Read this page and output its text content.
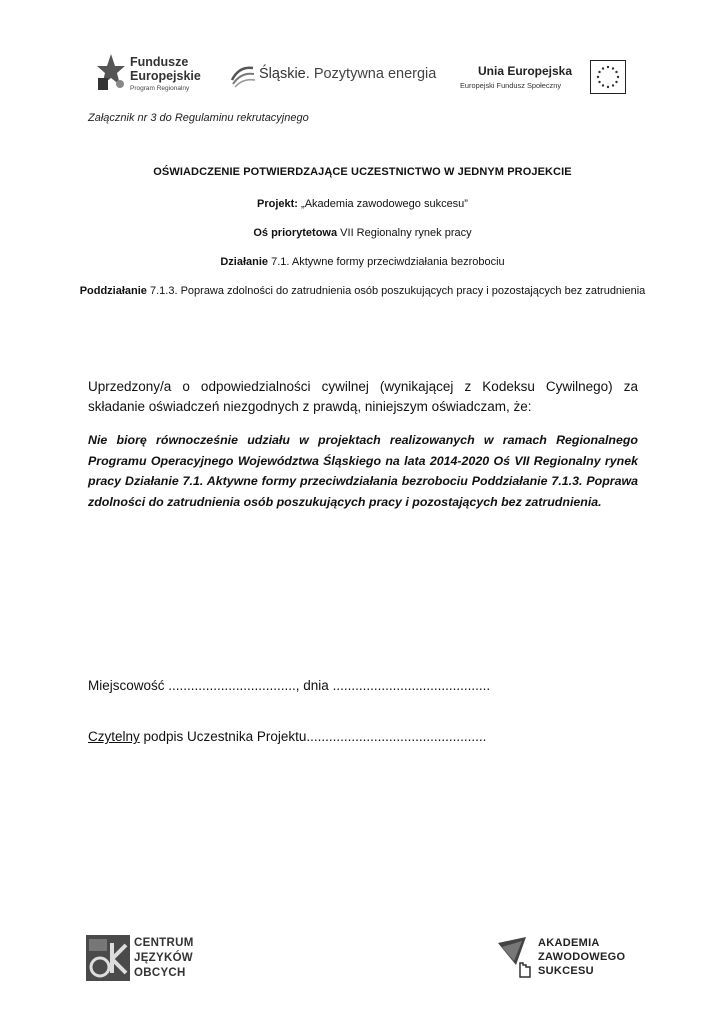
Fundusze
Europejskie
Program Regionalny
Śląskie. Pozytywna energia	Unia Europejska
Europejski Fundusz Społeczny
Załącznik nr 3 do Regulaminu rekrutacyjnego
OŚWIADCZENIE POTWIERDZAJĄCE UCZESTNICTWO W JEDNYM PROJEKCIE
Projekt: „Akademia zawodowego sukcesu”
Oś priorytetowa VII Regionalny rynek pracy
Działanie 7.1. Aktywne formy przeciwdziałania bezrobociu
Poddziałanie 7.1.3. Poprawa zdolności do zatrudnienia osób poszukujących pracy i pozostających bez zatrudnienia
Uprzedzony/a o odpowiedzialności cywilnej (wynikającej z Kodeksu Cywilnego) za składanie oświadczeń niezgodnych z prawdą, niniejszym oświadczam, że:
Nie biorę równocześnie udziału w projektach realizowanych w ramach Regionalnego Programu Operacyjnego Województwa Śląskiego na lata 2014-2020 Oś VII Regionalny rynek pracy Działanie 7.1. Aktywne formy przeciwdziałania bezrobociu Poddziałanie 7.1.3. Poprawa zdolności do zatrudnienia osób poszukujących pracy i pozostających bez zatrudnienia.
Miejscowość .................................., dnia ..........................................
Czytelny podpis Uczestnika Projektu................................................
CENTRUM
JĘZYKÓW
OBCYCH
AKADEMIA
ZAWODOWEGO
SUKCESU
